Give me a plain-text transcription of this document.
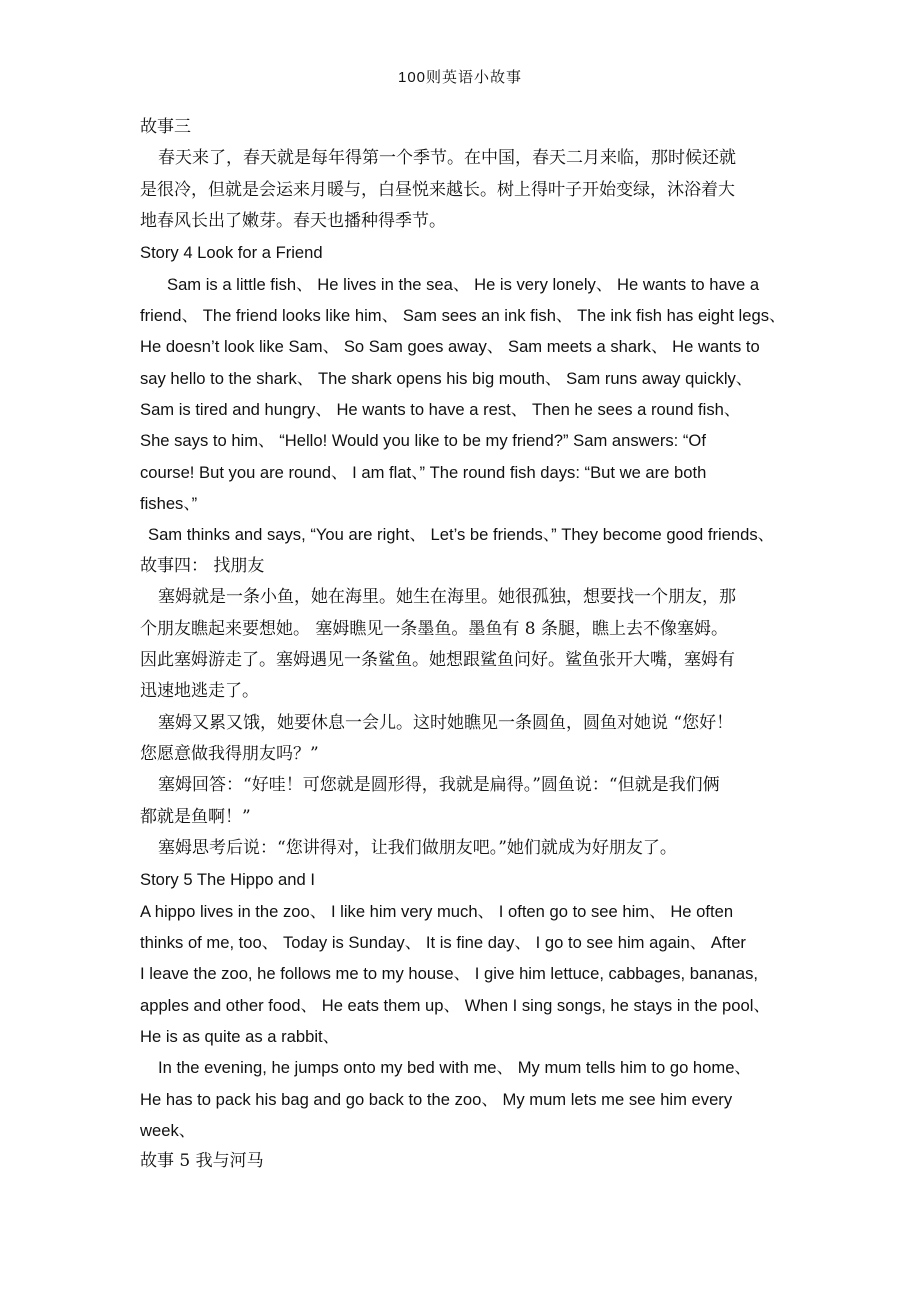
100则英语小故事
故事三
春天来了，春天就是每年得第一个季节。在中国，春天二月来临，那时候还就
是很冷，但就是会运来月暖与，白昼悦来越长。树上得叶子开始变绿，沐浴着大
地春风长出了嫩芽。春天也播种得季节。
Story 4 Look for a Friend
Sam is a little fish、 He lives in the sea、 He is very lonely、 He wants to have a
friend、 The friend looks like him、 Sam sees an ink fish、 The ink fish has eight legs、
He doesn’t look like Sam、 So Sam goes away、 Sam meets a shark、 He wants to
say hello to the shark、 The shark opens his big mouth、 Sam runs away quickly、
Sam is tired and hungry、 He wants to have a rest、 Then he sees a round fish、
She says to him、 “Hello! Would you like to be my friend?” Sam answers: “Of
course! But you are round、 I am flat、” The round fish days: “But we are both
fishes、”
Sam thinks and says, “You are right、 Let’s be friends、” They become good friends、
故事四： 找朋友
塞姆就是一条小鱼，她在海里。她生在海里。她很孤独，想要找一个朋友，那
个朋友瞧起来要想她。 塞姆瞧见一条墨鱼。墨鱼有 8 条腿，瞧上去不像塞姆。
因此塞姆游走了。塞姆遇见一条鲨鱼。她想跟鲨鱼问好。鲨鱼张开大嘴，塞姆有
迅速地逃走了。
塞姆又累又饿，她要休息一会儿。这时她瞧见一条圆鱼，圆鱼对她说 “您好！
您愿意做我得朋友吗？”
塞姆回答：“好哇！可您就是圆形得，我就是扁得。”圆鱼说：“但就是我们俩
都就是鱼啊！”
塞姆思考后说：“您讲得对，让我们做朋友吧。”她们就成为好朋友了。
Story 5 The Hippo and I
A hippo lives in the zoo、 I like him very much、 I often go to see him、 He often
thinks of me, too、 Today is Sunday、 It is fine day、 I go to see him again、 After
I leave the zoo, he follows me to my house、 I give him lettuce, cabbages, bananas,
apples and other food、 He eats them up、 When I sing songs, he stays in the pool、
He is as quite as a rabbit、
In the evening, he jumps onto my bed with me、 My mum tells him to go home、
He has to pack his bag and go back to the zoo、 My mum lets me see him every
week、
故事 5 我与河马
